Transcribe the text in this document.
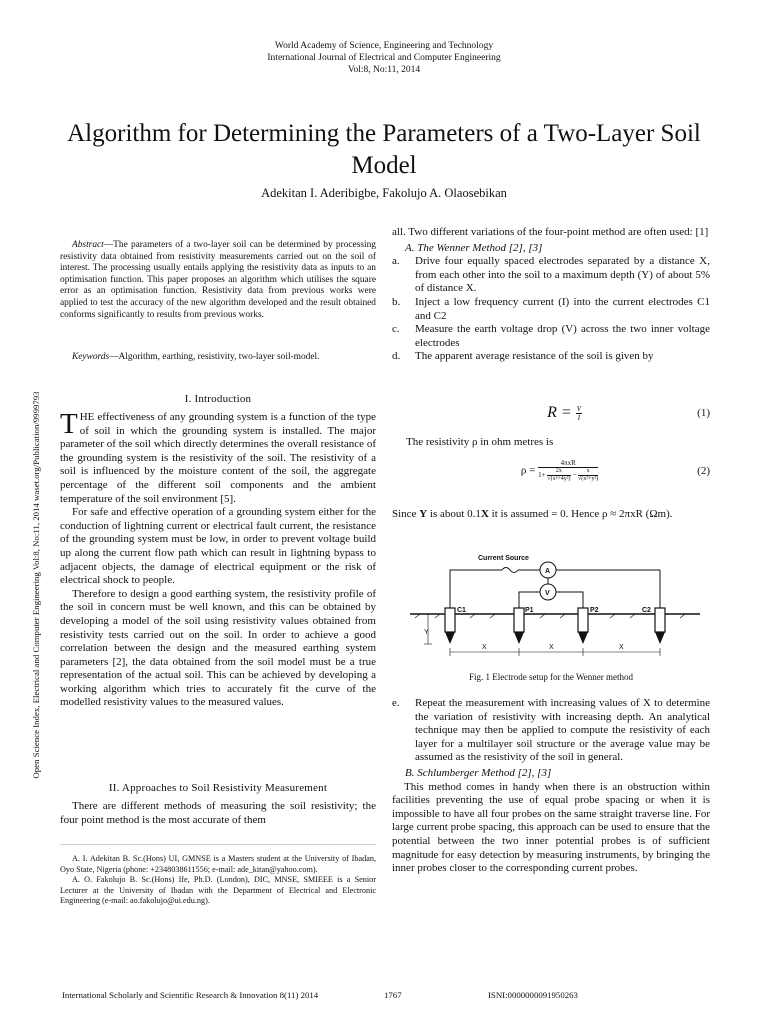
World Academy of Science, Engineering and Technology
International Journal of Electrical and Computer Engineering
Vol:8, No:11, 2014
Algorithm for Determining the Parameters of a Two-Layer Soil Model
Adekitan I. Aderibigbe, Fakolujo A. Olaosebikan
Open Science Index, Electrical and Computer Engineering Vol:8, No:11, 2014 waset.org/Publication/9999793
Abstract—The parameters of a two-layer soil can be determined by processing resistivity data obtained from resistivity measurements carried out on the soil of interest. The processing usually entails applying the resistivity data as inputs to an optimisation function. This paper proposes an algorithm which utilises the square error as an optimisation function. Resistivity data from previous works were applied to test the accuracy of the new algorithm developed and the result obtained conforms significantly to results from previous works.
Keywords—Algorithm, earthing, resistivity, two-layer soil-model.
I. Introduction

THE effectiveness of any grounding system is a function of the type of soil in which the grounding system is installed. The major parameter of the soil which directly determines the overall resistance of the grounding system is the resistivity of the soil. The resistivity of a soil is influenced by the moisture content of the soil, the aggregate percentage of the different soil components and the ambient temperature of the soil environment [5].

For safe and effective operation of a grounding system either for the conduction of lightning current or electrical fault current, the resistance of the grounding system must be low, in order to prevent voltage build up along the current flow path which can result in lightning bypass to adjacent objects, the damage of electrical equipment or the risk of electrical shock to people.

Therefore to design a good earthing system, the resistivity profile of the soil in concern must be well known, and this can be obtained by developing a model of the soil using resistivity values obtained from resistivity tests carried out on the soil. In order to achieve a good correlation between the design and the measured earthing system parameters [2], the data obtained from the soil model must be a true representation of the actual soil. This can be achieved by developing a working algorithm which tries to accurately fit the curve of the modelled resistivity values to the measured values.

II. Approaches to Soil Resistivity Measurement
There are different methods of measuring the soil resistivity; the four point method is the most accurate of them

A. I. Adekitan B. Sc.(Hons) UI, GMNSE is a Masters student at the University of Ibadan, Oyo State, Nigeria (phone: +2348038611556; e-mail: ade_kitan@yahoo.com).

A. O. Fakolujo B. Sc.(Hons) Ife, Ph.D. (London), DIC, MNSE, SMIEEE is a Senior Lecturer at the University of Ibadan with the Department of Electrical and Electronic Engineering (e-mail: ao.fakolujo@ui.edu.ng).

all. Two different variations of the four-point method are often used: [1]

A. The Wenner Method [2], [3]

a.	Drive four equally spaced electrodes separated by a distance X, from each other into the soil to a maximum depth (Y) of about 5% of distance X.
b.	Inject a low frequency current (I) into the current electrodes C1 and C2
c.	Measure the earth voltage drop (V) across the two inner voltage electrodes
d.	The apparent average resistance of the soil is given by
$R = \frac{V}{I}$	(1)
The resistivity ρ in ohm metres is
$\rho = \frac{\text{4πxR}}{1+ \frac{2x}{\text{√(x²+4y²)}} - \frac{x}{\text{√(x²+y²)}}}$	(2)
Since Y is about 0.1X it is assumed = 0. Hence ρ ≈ 2πxR (Ωm).
Current Source
A
V
C1	P1	P2	C2
Y
X	X	X
Fig. 1 Electrode setup for the Wenner method
e.	Repeat the measurement with increasing values of X to determine the variation of resistivity with increasing depth. An analytical technique may then be applied to compute the resistivity of each layer for a multilayer soil structure or the average value may be assumed as the resistivity of the soil in general.

B. Schlumberger Method [2], [3]

This method comes in handy when there is an obstruction within facilities preventing the use of equal probe spacing or when it is impossible to have all four probes on the same straight traverse line. For large current probe spacing, this approach can be used to ensure that the potential between the two inner potential probes is of sufficient magnitude for easy detection by measuring instruments, by bringing the inner probes closer to the corresponding current probes.

International Scholarly and Scientific Research & Innovation 8(11) 2014	1767	ISNI:0000000091950263
